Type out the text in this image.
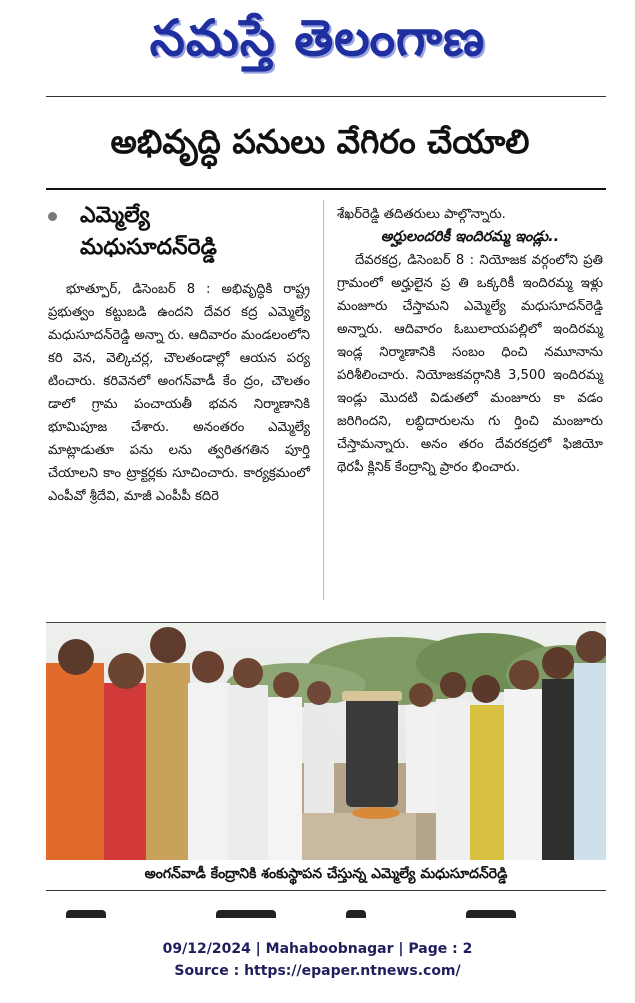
నమస్తే తెలంగాణ
అభివృద్ధి పనులు వేగిరం చేయాలి
ఎమ్మెల్యే
మధుసూదన్‌రెడ్డి

భూత్పూర్‌, డిసెంబర్‌ 8 : అభివృద్ధికి రాష్ట్ర ప్రభుత్వం కట్టుబడి ఉందని దేవర కద్ర ఎమ్మెల్యే మధుసూదన్‌రెడ్డి అన్నా రు. ఆదివారం మండలంలోని కరి వెన, వెల్కిచర్ల, చౌలతండాల్లో ఆయన పర్య టించారు. కరివెనలో అంగన్‌వాడీ కేం ద్రం, చౌలతం డాలో గ్రామ పంచాయతీ భవన నిర్మాణానికి భూమిపూజ చేశారు. అనంతరం ఎమ్మెల్యే మాట్లాడుతూ పను లను త్వరితగతిన పూర్తి చేయాలని కాం ట్రాక్టర్లకు సూచించారు. కార్యక్రమంలో ఎంపీవో శ్రీదేవి, మాజీ ఎంపీపీ కదిరె

శేఖర్‌రెడ్డి తదితరులు పాల్గొన్నారు.

అర్హులందరికీ ఇందిరమ్మ ఇండ్లు..

దేవరకద్ర, డిసెంబర్‌ 8 : నియోజక వర్గంలోని ప్రతి గ్రామంలో అర్హులైన ప్ర తి ఒక్కరికీ ఇందిరమ్మ ఇళ్లు మంజూరు చేస్తామని ఎమ్మెల్యే మధుసూదన్‌రెడ్డి అన్నారు. ఆదివారం ఓబులాయపల్లిలో ఇందిరమ్మ ఇండ్ల నిర్మాణానికి సంబం ధించి నమూనాను పరిశీలించారు. నియోజకవర్గానికి 3,500 ఇందిరమ్మ ఇండ్లు మొదటి విడుతలో మంజూరు కా వడం జరిగిందని, లబ్ధిదారులను గు ర్తించి మంజూరు చేస్తామన్నారు. అనం తరం దేవరకద్రలో ఫిజియో థెరపీ క్లినిక్‌ కేంద్రాన్ని ప్రారం భించారు.

అంగన్‌వాడీ కేంద్రానికి శంకుస్థాపన చేస్తున్న ఎమ్మెల్యే మధుసూదన్‌రెడ్డి
09/12/2024 | Mahaboobnagar | Page : 2
Source : https://epaper.ntnews.com/
